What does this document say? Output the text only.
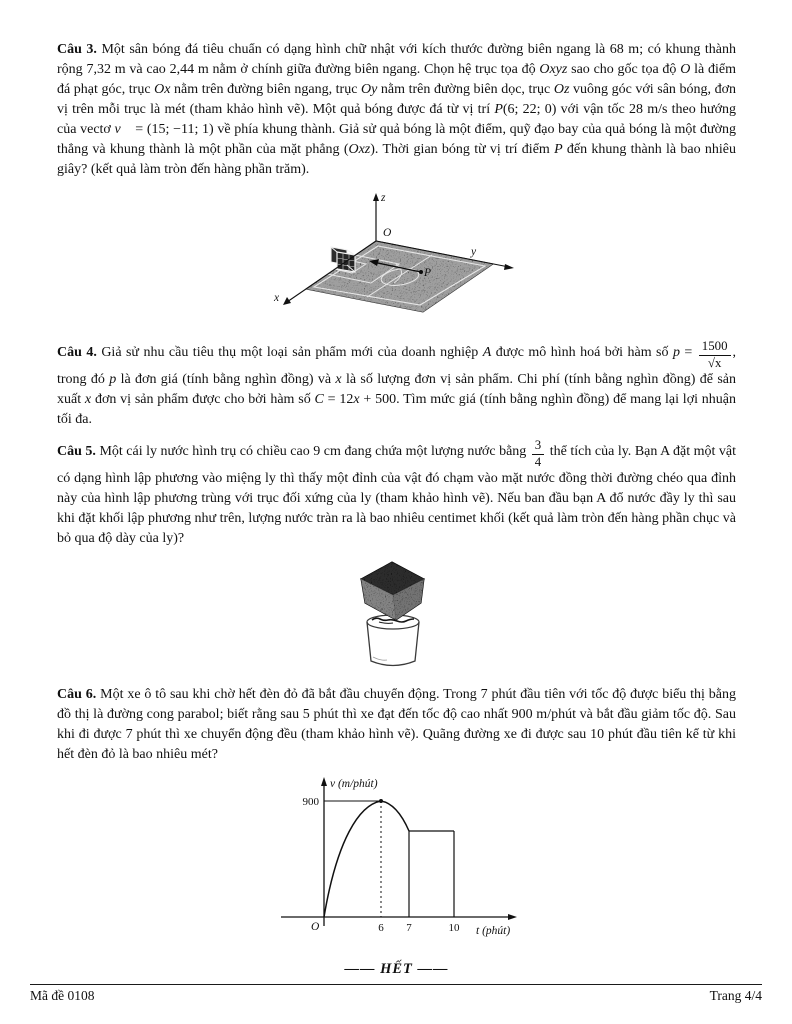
Câu 3. Một sân bóng đá tiêu chuẩn có dạng hình chữ nhật với kích thước đường biên ngang là 68 m; có khung thành rộng 7,32 m và cao 2,44 m nằm ở chính giữa đường biên ngang. Chọn hệ trục tọa độ Oxyz sao cho gốc tọa độ O là điểm đá phạt góc, trục Ox nằm trên đường biên ngang, trục Oy nằm trên đường biên dọc, trục Oz vuông góc với sân bóng, đơn vị trên mỗi trục là mét (tham khảo hình vẽ). Một quả bóng được đá từ vị trí P(6; 22; 0) với vận tốc 28 m/s theo hướng của vectơ v⃗ = (15; −11; 1) về phía khung thành. Giả sử quả bóng là một điểm, quỹ đạo bay của quả bóng là một đường thẳng và khung thành là một phần của mặt phẳng (Oxz). Thời gian bóng từ vị trí điểm P đến khung thành là bao nhiêu giây? (kết quả làm tròn đến hàng phần trăm).

z
O
y
x
P

Câu 4. Giả sử nhu cầu tiêu thụ một loại sản phẩm mới của doanh nghiệp A được mô hình hoá bởi hàm số $p = \frac{1500}{√x}$ , trong đó p là đơn giá (tính bằng nghìn đồng) và x là số lượng đơn vị sản phẩm. Chi phí (tính bằng nghìn đồng) để sản xuất x đơn vị sản phẩm được cho bởi hàm số C = 12x + 500. Tìm mức giá (tính bằng nghìn đồng) để mang lại lợi nhuận tối đa.

Câu 5. Một cái ly nước hình trụ có chiều cao 9 cm đang chứa một lượng nước bằng $\frac{3}{4}$ thể tích của ly. Bạn A đặt một vật có dạng hình lập phương vào miệng ly thì thấy một đỉnh của vật đó chạm vào mặt nước đồng thời đường chéo qua đỉnh này của hình lập phương trùng với trục đối xứng của ly (tham khảo hình vẽ). Nếu ban đầu bạn A đổ nước đầy ly thì sau khi đặt khối lập phương như trên, lượng nước tràn ra là bao nhiêu centimet khối (kết quả làm tròn đến hàng phần chục và bỏ qua độ dày của ly)?

Câu 6. Một xe ô tô sau khi chờ hết đèn đỏ đã bắt đầu chuyển động. Trong 7 phút đầu tiên với tốc độ được biểu thị bằng đồ thị là đường cong parabol; biết rằng sau 5 phút thì xe đạt đến tốc độ cao nhất 900 m/phút và bắt đầu giảm tốc độ. Sau khi đi được 7 phút thì xe chuyển động đều (tham khảo hình vẽ). Quãng đường xe đi được sau 10 phút đầu tiên kể từ khi hết đèn đỏ là bao nhiêu mét?

v (m/phút)
t (phút)
O
900
6 7	10
—— HẾT ——
Mã đề 0108	Trang 4/4
